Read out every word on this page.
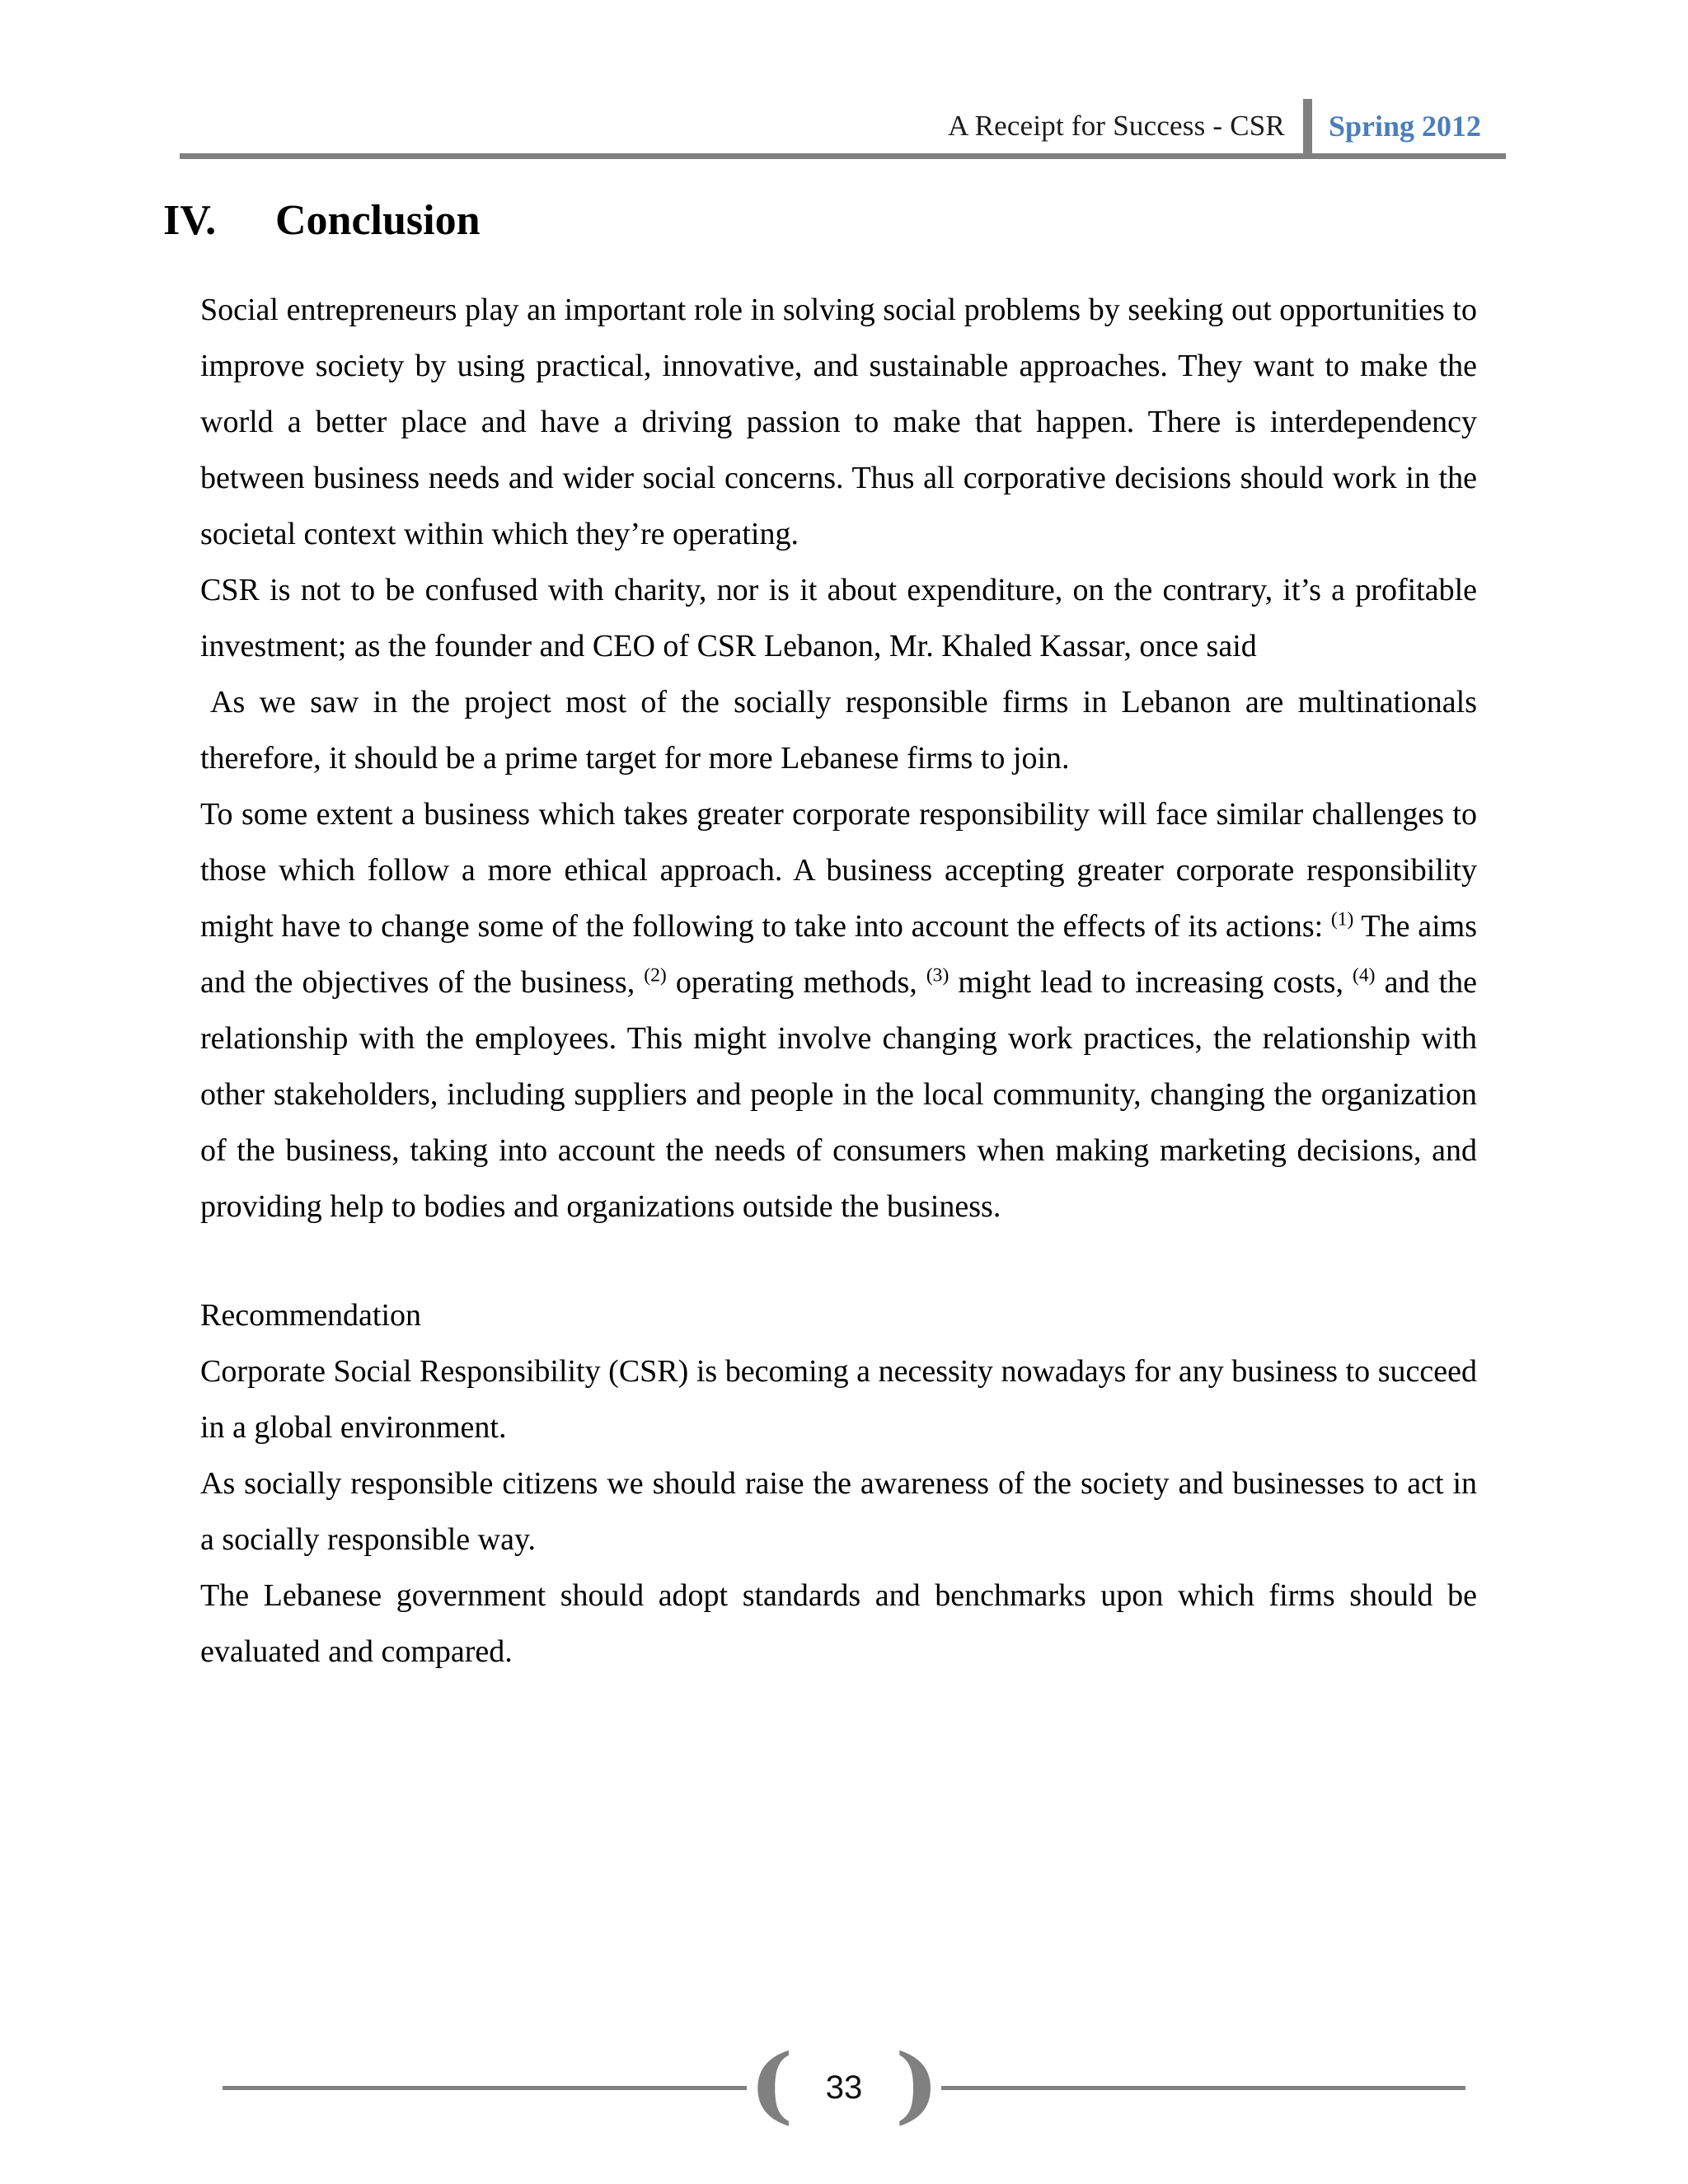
A Receipt for Success - CSR	Spring 2012
IV.	Conclusion

Social entrepreneurs play an important role in solving social problems by seeking out opportunities to improve society by using practical, innovative, and sustainable approaches. They want to make the world a better place and have a driving passion to make that happen. There is interdependency between business needs and wider social concerns. Thus all corporative decisions should work in the societal context within which they’re operating.

CSR is not to be confused with charity, nor is it about expenditure, on the contrary, it’s a profitable investment; as the founder and CEO of CSR Lebanon, Mr. Khaled Kassar, once said

As we saw in the project most of the socially responsible firms in Lebanon are multinationals therefore, it should be a prime target for more Lebanese firms to join.

To some extent a business which takes greater corporate responsibility will face similar challenges to those which follow a more ethical approach. A business accepting greater corporate responsibility might have to change some of the following to take into account the effects of its actions: $^{(1)}$ The aims and the objectives of the business, $^{(2)}$ operating methods, $^{(3)}$ might lead to increasing costs, $^{(4)}$ and the relationship with the employees. This might involve changing work practices, the relationship with other stakeholders, including suppliers and people in the local community, changing the organization of the business, taking into account the needs of consumers when making marketing decisions, and providing help to bodies and organizations outside the business.

Recommendation

Corporate Social Responsibility (CSR) is becoming a necessity nowadays for any business to succeed in a global environment.

As socially responsible citizens we should raise the awareness of the society and businesses to act in a socially responsible way.

The Lebanese government should adopt standards and benchmarks upon which firms should be evaluated and compared.

( 33 )
